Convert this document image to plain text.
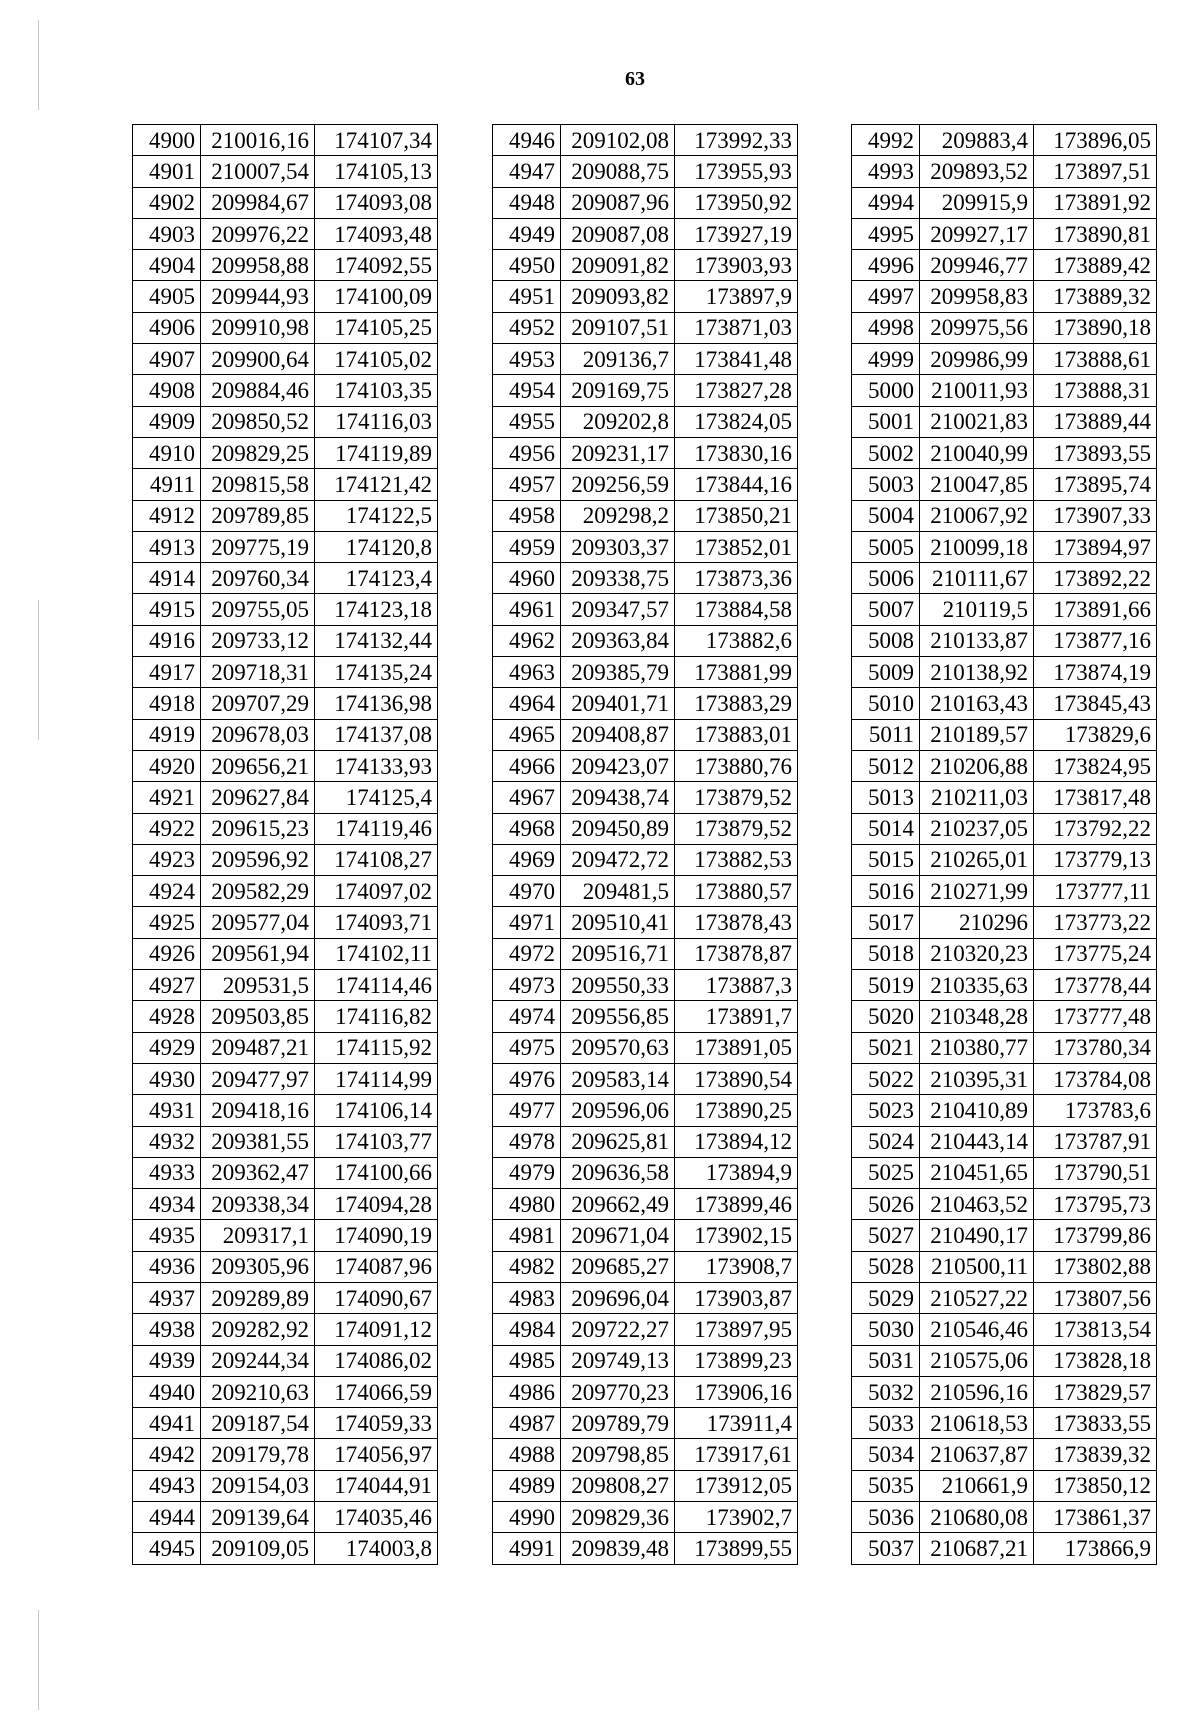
63
4900	210016,16	174107,34
4901	210007,54	174105,13
4902	209984,67	174093,08
4903	209976,22	174093,48
4904	209958,88	174092,55
4905	209944,93	174100,09
4906	209910,98	174105,25
4907	209900,64	174105,02
4908	209884,46	174103,35
4909	209850,52	174116,03
4910	209829,25	174119,89
4911	209815,58	174121,42
4912	209789,85	174122,5
4913	209775,19	174120,8
4914	209760,34	174123,4
4915	209755,05	174123,18
4916	209733,12	174132,44
4917	209718,31	174135,24
4918	209707,29	174136,98
4919	209678,03	174137,08
4920	209656,21	174133,93
4921	209627,84	174125,4
4922	209615,23	174119,46
4923	209596,92	174108,27
4924	209582,29	174097,02
4925	209577,04	174093,71
4926	209561,94	174102,11
4927	209531,5	174114,46
4928	209503,85	174116,82
4929	209487,21	174115,92
4930	209477,97	174114,99
4931	209418,16	174106,14
4932	209381,55	174103,77
4933	209362,47	174100,66
4934	209338,34	174094,28
4935	209317,1	174090,19
4936	209305,96	174087,96
4937	209289,89	174090,67
4938	209282,92	174091,12
4939	209244,34	174086,02
4940	209210,63	174066,59
4941	209187,54	174059,33
4942	209179,78	174056,97
4943	209154,03	174044,91
4944	209139,64	174035,46
4945	209109,05	174003,8
4946	209102,08	173992,33
4947	209088,75	173955,93
4948	209087,96	173950,92
4949	209087,08	173927,19
4950	209091,82	173903,93
4951	209093,82	173897,9
4952	209107,51	173871,03
4953	209136,7	173841,48
4954	209169,75	173827,28
4955	209202,8	173824,05
4956	209231,17	173830,16
4957	209256,59	173844,16
4958	209298,2	173850,21
4959	209303,37	173852,01
4960	209338,75	173873,36
4961	209347,57	173884,58
4962	209363,84	173882,6
4963	209385,79	173881,99
4964	209401,71	173883,29
4965	209408,87	173883,01
4966	209423,07	173880,76
4967	209438,74	173879,52
4968	209450,89	173879,52
4969	209472,72	173882,53
4970	209481,5	173880,57
4971	209510,41	173878,43
4972	209516,71	173878,87
4973	209550,33	173887,3
4974	209556,85	173891,7
4975	209570,63	173891,05
4976	209583,14	173890,54
4977	209596,06	173890,25
4978	209625,81	173894,12
4979	209636,58	173894,9
4980	209662,49	173899,46
4981	209671,04	173902,15
4982	209685,27	173908,7
4983	209696,04	173903,87
4984	209722,27	173897,95
4985	209749,13	173899,23
4986	209770,23	173906,16
4987	209789,79	173911,4
4988	209798,85	173917,61
4989	209808,27	173912,05
4990	209829,36	173902,7
4991	209839,48	173899,55
4992	209883,4	173896,05
4993	209893,52	173897,51
4994	209915,9	173891,92
4995	209927,17	173890,81
4996	209946,77	173889,42
4997	209958,83	173889,32
4998	209975,56	173890,18
4999	209986,99	173888,61
5000	210011,93	173888,31
5001	210021,83	173889,44
5002	210040,99	173893,55
5003	210047,85	173895,74
5004	210067,92	173907,33
5005	210099,18	173894,97
5006	210111,67	173892,22
5007	210119,5	173891,66
5008	210133,87	173877,16
5009	210138,92	173874,19
5010	210163,43	173845,43
5011	210189,57	173829,6
5012	210206,88	173824,95
5013	210211,03	173817,48
5014	210237,05	173792,22
5015	210265,01	173779,13
5016	210271,99	173777,11
5017	210296	173773,22
5018	210320,23	173775,24
5019	210335,63	173778,44
5020	210348,28	173777,48
5021	210380,77	173780,34
5022	210395,31	173784,08
5023	210410,89	173783,6
5024	210443,14	173787,91
5025	210451,65	173790,51
5026	210463,52	173795,73
5027	210490,17	173799,86
5028	210500,11	173802,88
5029	210527,22	173807,56
5030	210546,46	173813,54
5031	210575,06	173828,18
5032	210596,16	173829,57
5033	210618,53	173833,55
5034	210637,87	173839,32
5035	210661,9	173850,12
5036	210680,08	173861,37
5037	210687,21	173866,9
